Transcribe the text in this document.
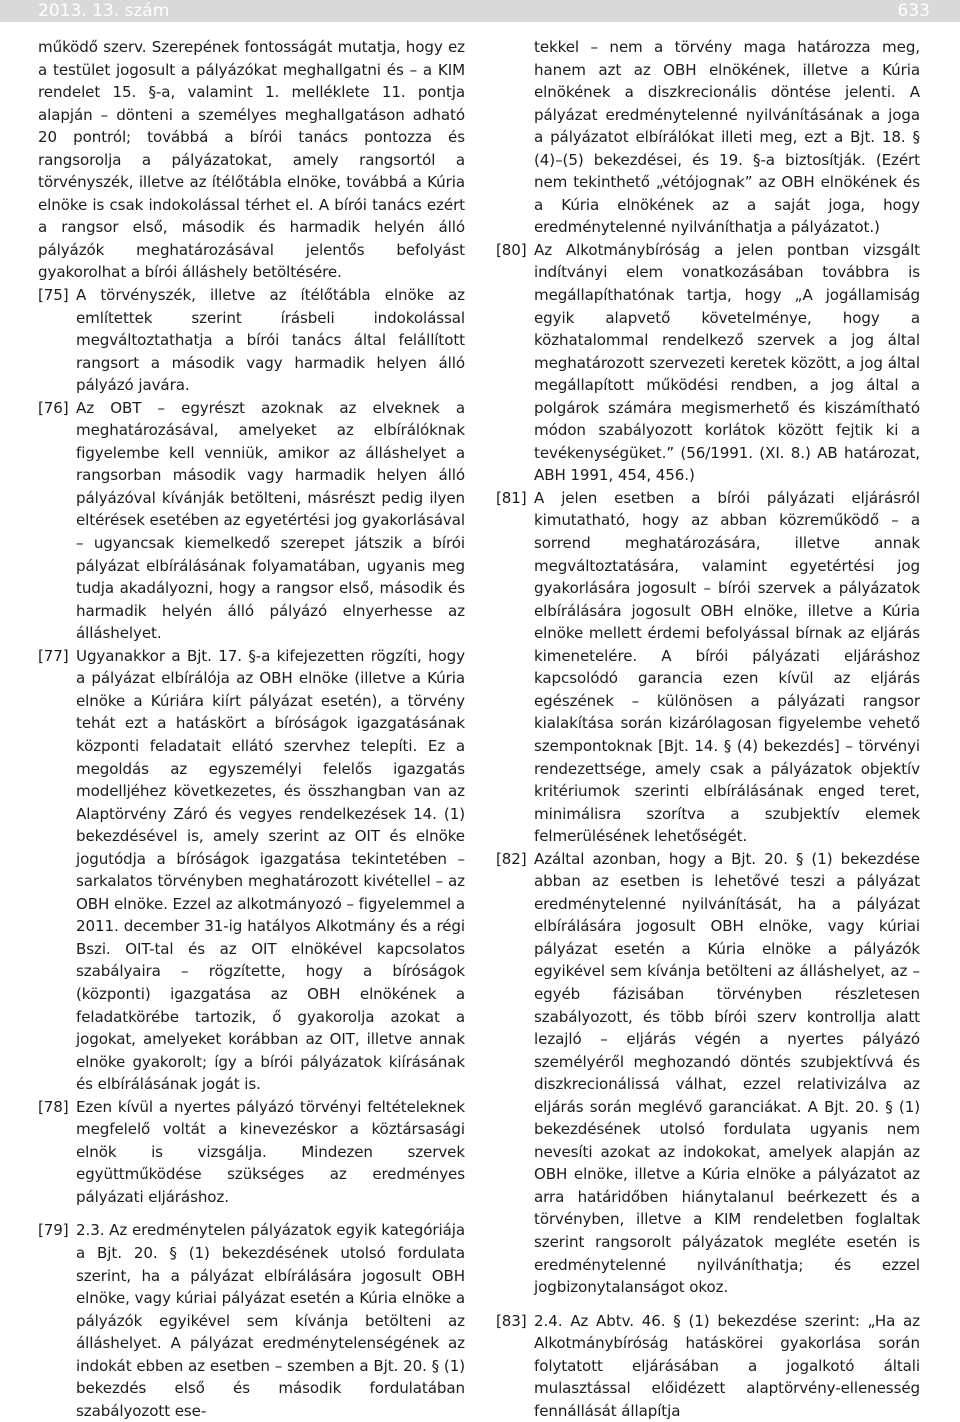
2013. 13. szám	633

működő szerv. Szerepének fontosságát mutatja, hogy ez a testület jogosult a pályázókat meghallgatni és – a KIM rendelet 15. §-a, valamint 1. melléklete 11. pontja alapján – dönteni a személyes meghallgatáson adható 20 pontról; továbbá a bírói tanács pontozza és rangsorolja a pályázatokat, amely rangsortól a törvényszék, illetve az ítélőtábla elnöke, továbbá a Kúria elnöke is csak indokolással térhet el. A bírói tanács ezért a rangsor első, második és harmadik helyén álló pályázók meghatározásával jelentős befolyást gyakorolhat a bírói álláshely betöltésére.

[75] A törvényszék, illetve az ítélőtábla elnöke az említettek szerint írásbeli indokolással megváltoztathatja a bírói tanács által felállított rangsort a második vagy harmadik helyen álló pályázó javára.

[76] Az OBT – egyrészt azoknak az elveknek a meghatározásával, amelyeket az elbírálóknak figyelembe kell venniük, amikor az álláshelyet a rangsorban második vagy harmadik helyen álló pályázóval kívánják betölteni, másrészt pedig ilyen eltérések esetében az egyetértési jog gyakorlásával – ugyancsak kiemelkedő szerepet játszik a bírói pályázat elbírálásának folyamatában, ugyanis meg tudja akadályozni, hogy a rangsor első, második és harmadik helyén álló pályázó elnyerhesse az álláshelyet.

[77] Ugyanakkor a Bjt. 17. §-a kifejezetten rögzíti, hogy a pályázat elbírálója az OBH elnöke (illetve a Kúria elnöke a Kúriára kiírt pályázat esetén), a törvény tehát ezt a hatáskört a bíróságok igazgatásának központi feladatait ellátó szervhez telepíti. Ez a megoldás az egyszemélyi felelős igazgatás modelljéhez következetes, és összhangban van az Alaptörvény Záró és vegyes rendelkezések 14. (1) bekezdésével is, amely szerint az OIT és elnöke jogutódja a bíróságok igazgatása tekintetében – sarkalatos törvényben meghatározott kivétellel – az OBH elnöke. Ezzel az alkotmányozó – figyelemmel a 2011. december 31-ig hatályos Alkotmány és a régi Bszi. OIT-tal és az OIT elnökével kapcsolatos szabályaira – rögzítette, hogy a bíróságok (központi) igazgatása az OBH elnökének a feladatkörébe tartozik, ő gyakorolja azokat a jogokat, amelyeket korábban az OIT, illetve annak elnöke gyakorolt; így a bírói pályázatok kiírásának és elbírálásának jogát is.

[78] Ezen kívül a nyertes pályázó törvényi feltételeknek megfelelő voltát a kinevezéskor a köztársasági elnök is vizsgálja. Mindezen szervek együttműködése szükséges az eredményes pályázati eljáráshoz.

[79] 2.3. Az eredménytelen pályázatok egyik kategóriája a Bjt. 20. § (1) bekezdésének utolsó fordulata szerint, ha a pályázat elbírálására jogosult OBH elnöke, vagy kúriai pályázat esetén a Kúria elnöke a pályázók egyikével sem kívánja betölteni az álláshelyet. A pályázat eredménytelenségének az indokát ebben az esetben – szemben a Bjt. 20. § (1) bekezdés első és második fordulatában szabályozott ese-

tekkel – nem a törvény maga határozza meg, hanem azt az OBH elnökének, illetve a Kúria elnökének a diszkrecionális döntése jelenti. A pályázat eredménytelenné nyilvánításának a joga a pályázatot elbírálókat illeti meg, ezt a Bjt. 18. § (4)–(5) bekezdései, és 19. §-a biztosítják. (Ezért nem tekinthető „vétójognak” az OBH elnökének és a Kúria elnökének az a saját joga, hogy eredménytelenné nyilváníthatja a pályázatot.)

[80] Az Alkotmánybíróság a jelen pontban vizsgált indítványi elem vonatkozásában továbbra is megállapíthatónak tartja, hogy „A jogállamiság egyik alapvető követelménye, hogy a közhatalommal rendelkező szervek a jog által meghatározott szervezeti keretek között, a jog által megállapított működési rendben, a jog által a polgárok számára megismerhető és kiszámítható módon szabályozott korlátok között fejtik ki a tevékenységüket.” (56/1991. (XI. 8.) AB határozat, ABH 1991, 454, 456.)

[81] A jelen esetben a bírói pályázati eljárásról kimutatható, hogy az abban közreműködő – a sorrend meghatározására, illetve annak megváltoztatására, valamint egyetértési jog gyakorlására jogosult – bírói szervek a pályázatok elbírálására jogosult OBH elnöke, illetve a Kúria elnöke mellett érdemi befolyással bírnak az eljárás kimenetelére. A bírói pályázati eljáráshoz kapcsolódó garancia ezen kívül az eljárás egészének – különösen a pályázati rangsor kialakítása során kizárólagosan figyelembe vehető szempontoknak [Bjt. 14. § (4) bekezdés] – törvényi rendezettsége, amely csak a pályázatok objektív kritériumok szerinti elbírálásának enged teret, minimálisra szorítva a szubjektív elemek felmerülésének lehetőségét.

[82] Azáltal azonban, hogy a Bjt. 20. § (1) bekezdése abban az esetben is lehetővé teszi a pályázat eredménytelenné nyilvánítását, ha a pályázat elbírálására jogosult OBH elnöke, vagy kúriai pályázat esetén a Kúria elnöke a pályázók egyikével sem kívánja betölteni az álláshelyet, az – egyéb fázisában törvényben részletesen szabályozott, és több bírói szerv kontrollja alatt lezajló – eljárás végén a nyertes pályázó személyéről meghozandó döntés szubjektívvá és diszkrecionálissá válhat, ezzel relativizálva az eljárás során meglévő garanciákat. A Bjt. 20. § (1) bekezdésének utolsó fordulata ugyanis nem nevesíti azokat az indokokat, amelyek alapján az OBH elnöke, illetve a Kúria elnöke a pályázatot az arra határidőben hiánytalanul beérkezett és a törvényben, illetve a KIM rendeletben foglaltak szerint rangsorolt pályázatok megléte esetén is eredménytelenné nyilváníthatja; és ezzel jogbizonytalanságot okoz.

[83] 2.4. Az Abtv. 46. § (1) bekezdése szerint: „Ha az Alkotmánybíróság hatáskörei gyakorlása során folytatott eljárásában a jogalkotó általi mulasztással előidézett alaptörvény-ellenesség fennállását állapítja
